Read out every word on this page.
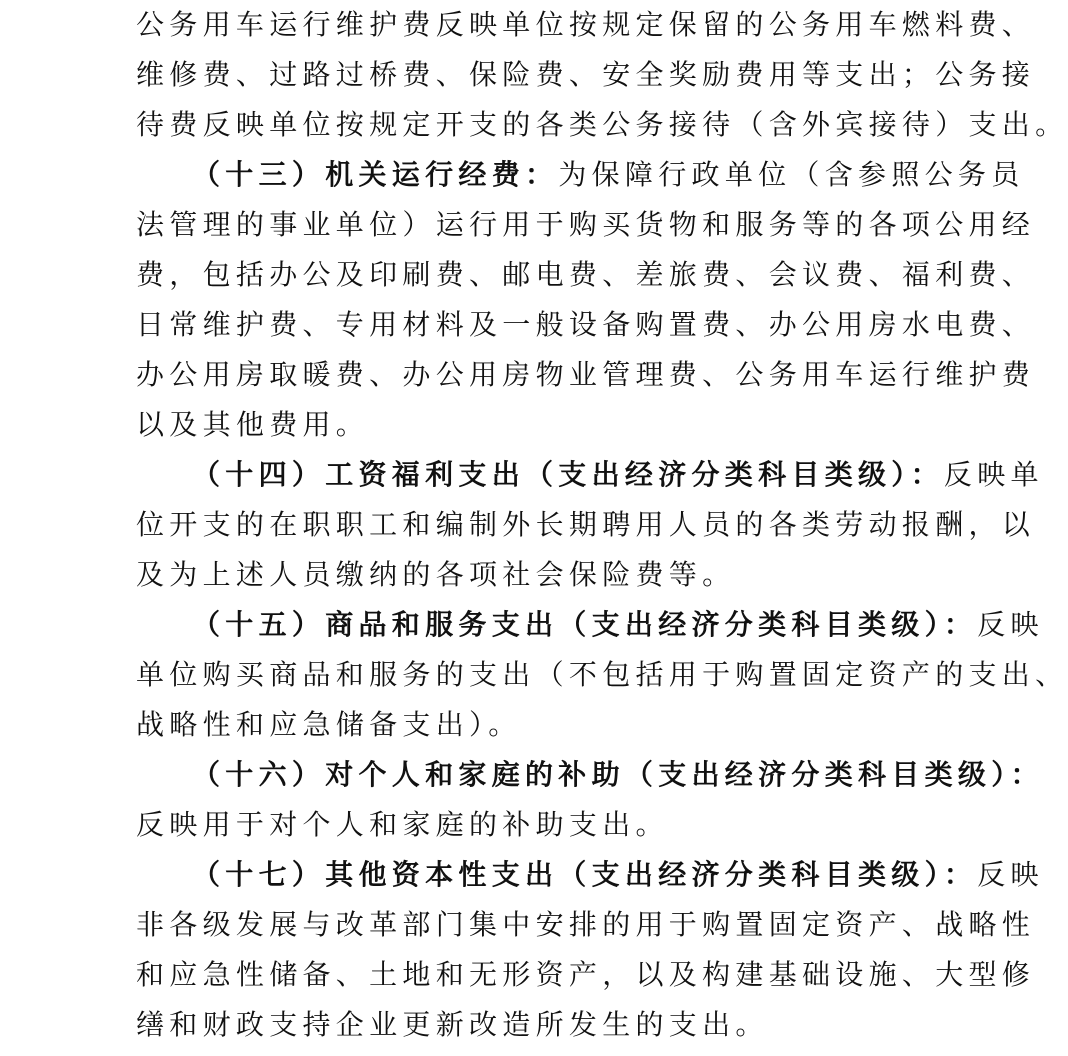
公务用车运行维护费反映单位按规定保留的公务用车燃料费、
维修费、过路过桥费、保险费、安全奖励费用等支出；公务接
待费反映单位按规定开支的各类公务接待（含外宾接待）支出。
（十三）机关运行经费：为保障行政单位（含参照公务员
法管理的事业单位）运行用于购买货物和服务等的各项公用经
费，包括办公及印刷费、邮电费、差旅费、会议费、福利费、
日常维护费、专用材料及一般设备购置费、办公用房水电费、
办公用房取暖费、办公用房物业管理费、公务用车运行维护费
以及其他费用。
（十四）工资福利支出（支出经济分类科目类级）：反映单
位开支的在职职工和编制外长期聘用人员的各类劳动报酬，以
及为上述人员缴纳的各项社会保险费等。
（十五）商品和服务支出（支出经济分类科目类级）：反映
单位购买商品和服务的支出（不包括用于购置固定资产的支出、
战略性和应急储备支出）。
（十六）对个人和家庭的补助（支出经济分类科目类级）：
反映用于对个人和家庭的补助支出。
（十七）其他资本性支出（支出经济分类科目类级）：反映
非各级发展与改革部门集中安排的用于购置固定资产、战略性
和应急性储备、土地和无形资产，以及构建基础设施、大型修
缮和财政支持企业更新改造所发生的支出。
